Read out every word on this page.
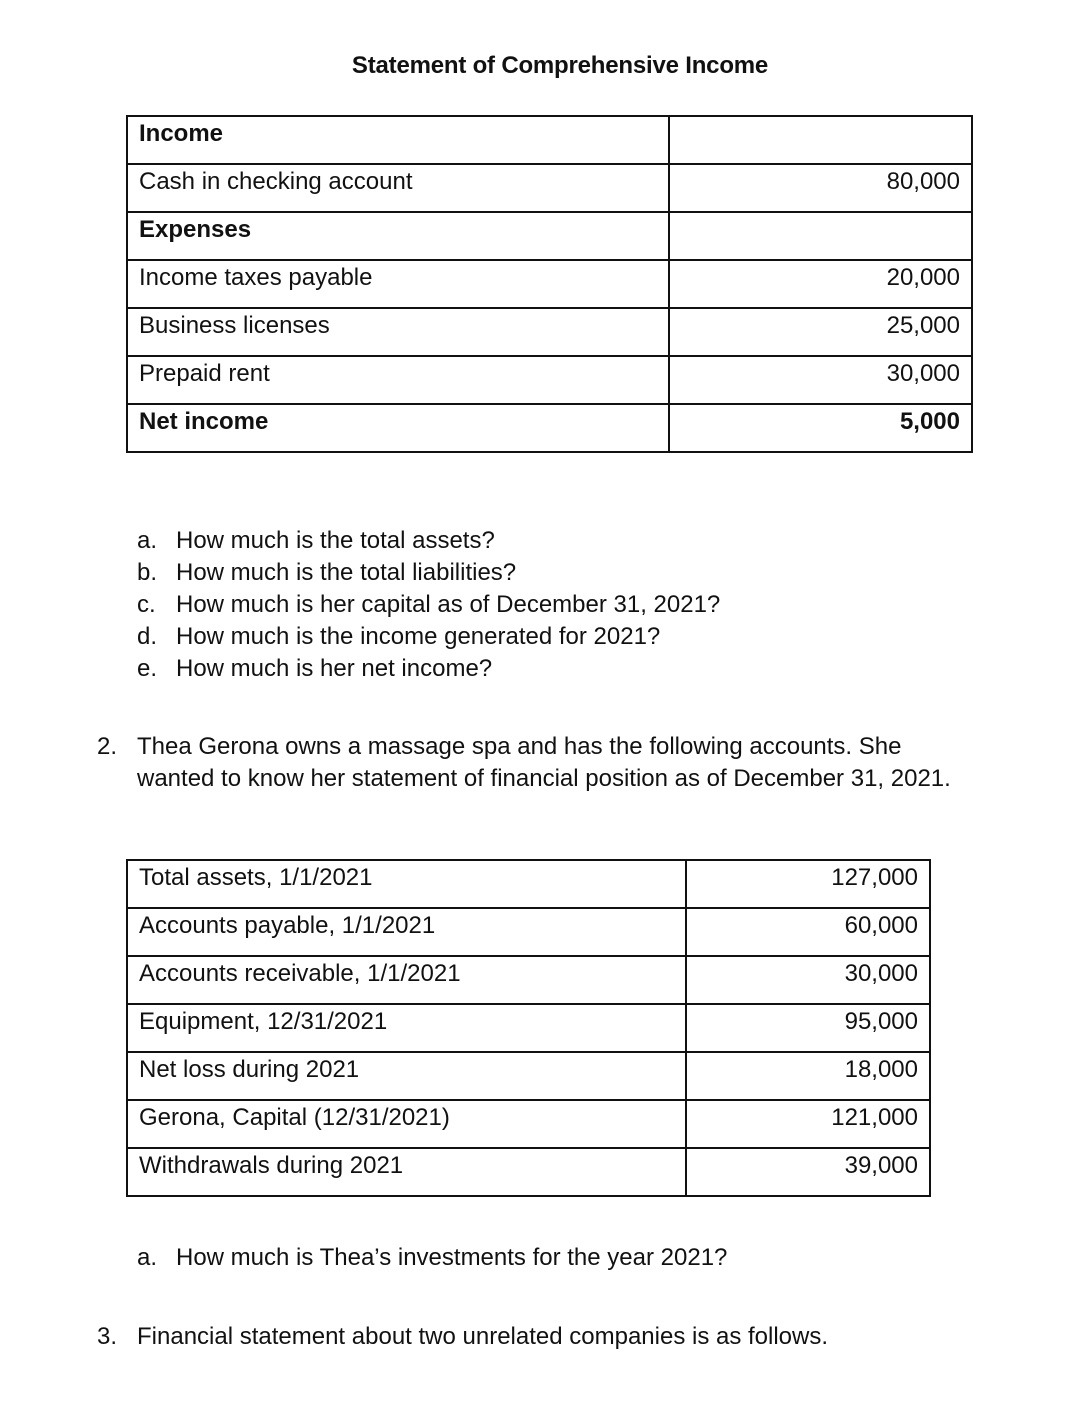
Statement of Comprehensive Income
Income	
Cash in checking account	80,000
Expenses	
Income taxes payable	20,000
Business licenses	25,000
Prepaid rent	30,000
Net income	5,000
a. How much is the total assets?
b. How much is the total liabilities?
c. How much is her capital as of December 31, 2021?
d. How much is the income generated for 2021?
e. How much is her net income?
2. Thea Gerona owns a massage spa and has the following accounts. She wanted to know her statement of financial position as of December 31, 2021.
Total assets, 1/1/2021	127,000
Accounts payable, 1/1/2021	60,000
Accounts receivable, 1/1/2021	30,000
Equipment, 12/31/2021	95,000
Net loss during 2021	18,000
Gerona, Capital (12/31/2021)	121,000
Withdrawals during 2021	39,000
a. How much is Thea’s investments for the year 2021?
3. Financial statement about two unrelated companies is as follows.
